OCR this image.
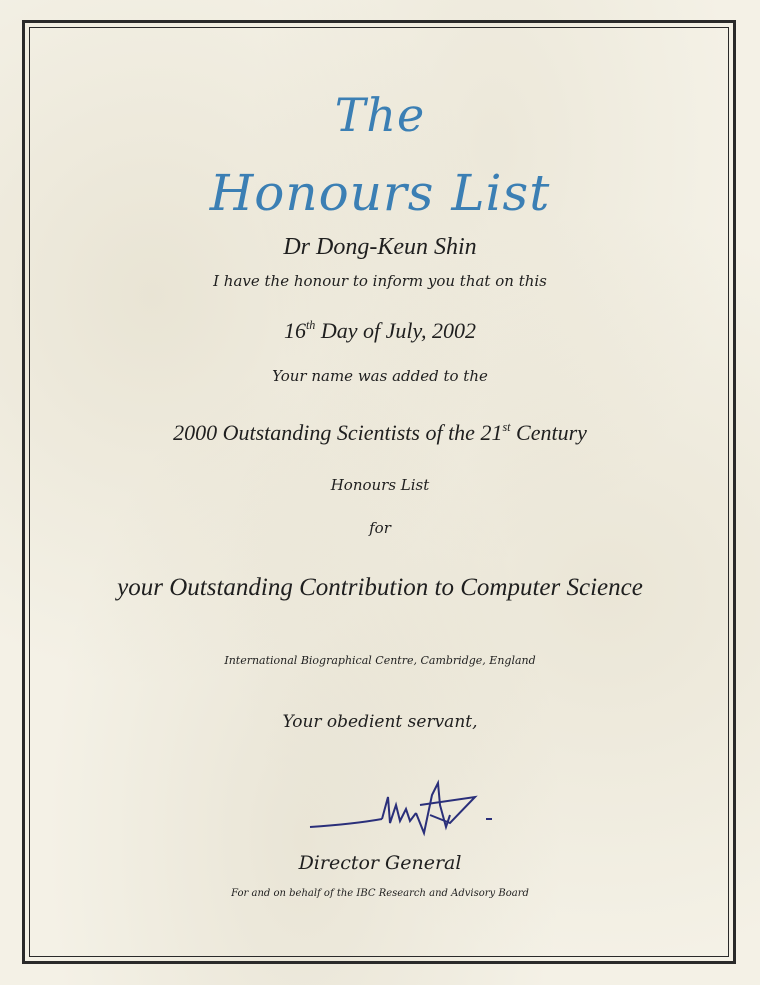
The

Honours List

Dr Dong-Keun Shin

I have the honour to inform you that on this

16th Day of July, 2002

Your name was added to the

2000 Outstanding Scientists of the 21st Century

Honours List

for

your Outstanding Contribution to Computer Science

International Biographical Centre, Cambridge, England

Your obedient servant,

Director General

For and on behalf of the IBC Research and Advisory Board
